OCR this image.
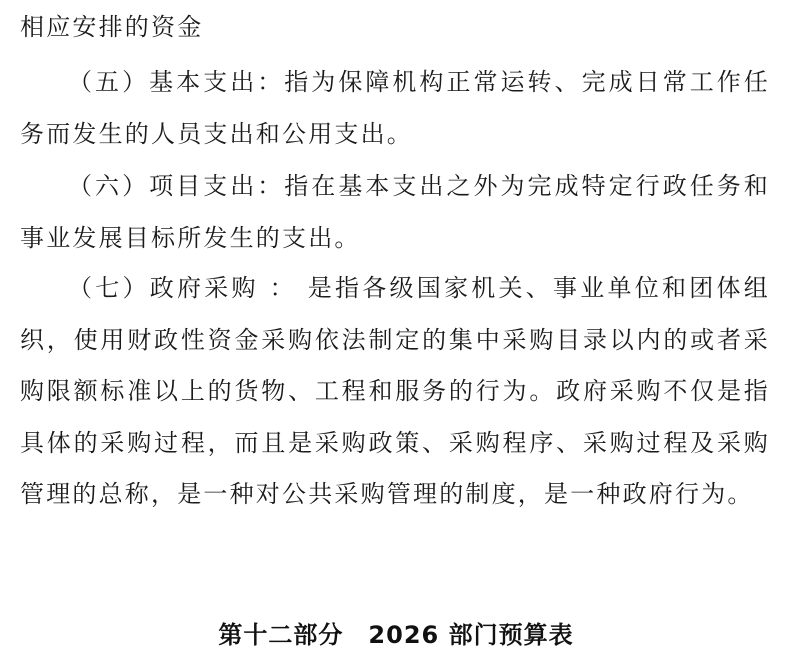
相应安排的资金

（五）基本支出：指为保障机构正常运转、完成日常工作任务而发生的人员支出和公用支出。

（六）项目支出：指在基本支出之外为完成特定行政任务和事业发展目标所发生的支出。

（七）政府采购 ： 是指各级国家机关、事业单位和团体组织，使用财政性资金采购依法制定的集中采购目录以内的或者采购限额标准以上的货物、工程和服务的行为。政府采购不仅是指具体的采购过程，而且是采购政策、采购程序、采购过程及采购管理的总称，是一种对公共采购管理的制度，是一种政府行为。

第十二部分　2026 部门预算表
